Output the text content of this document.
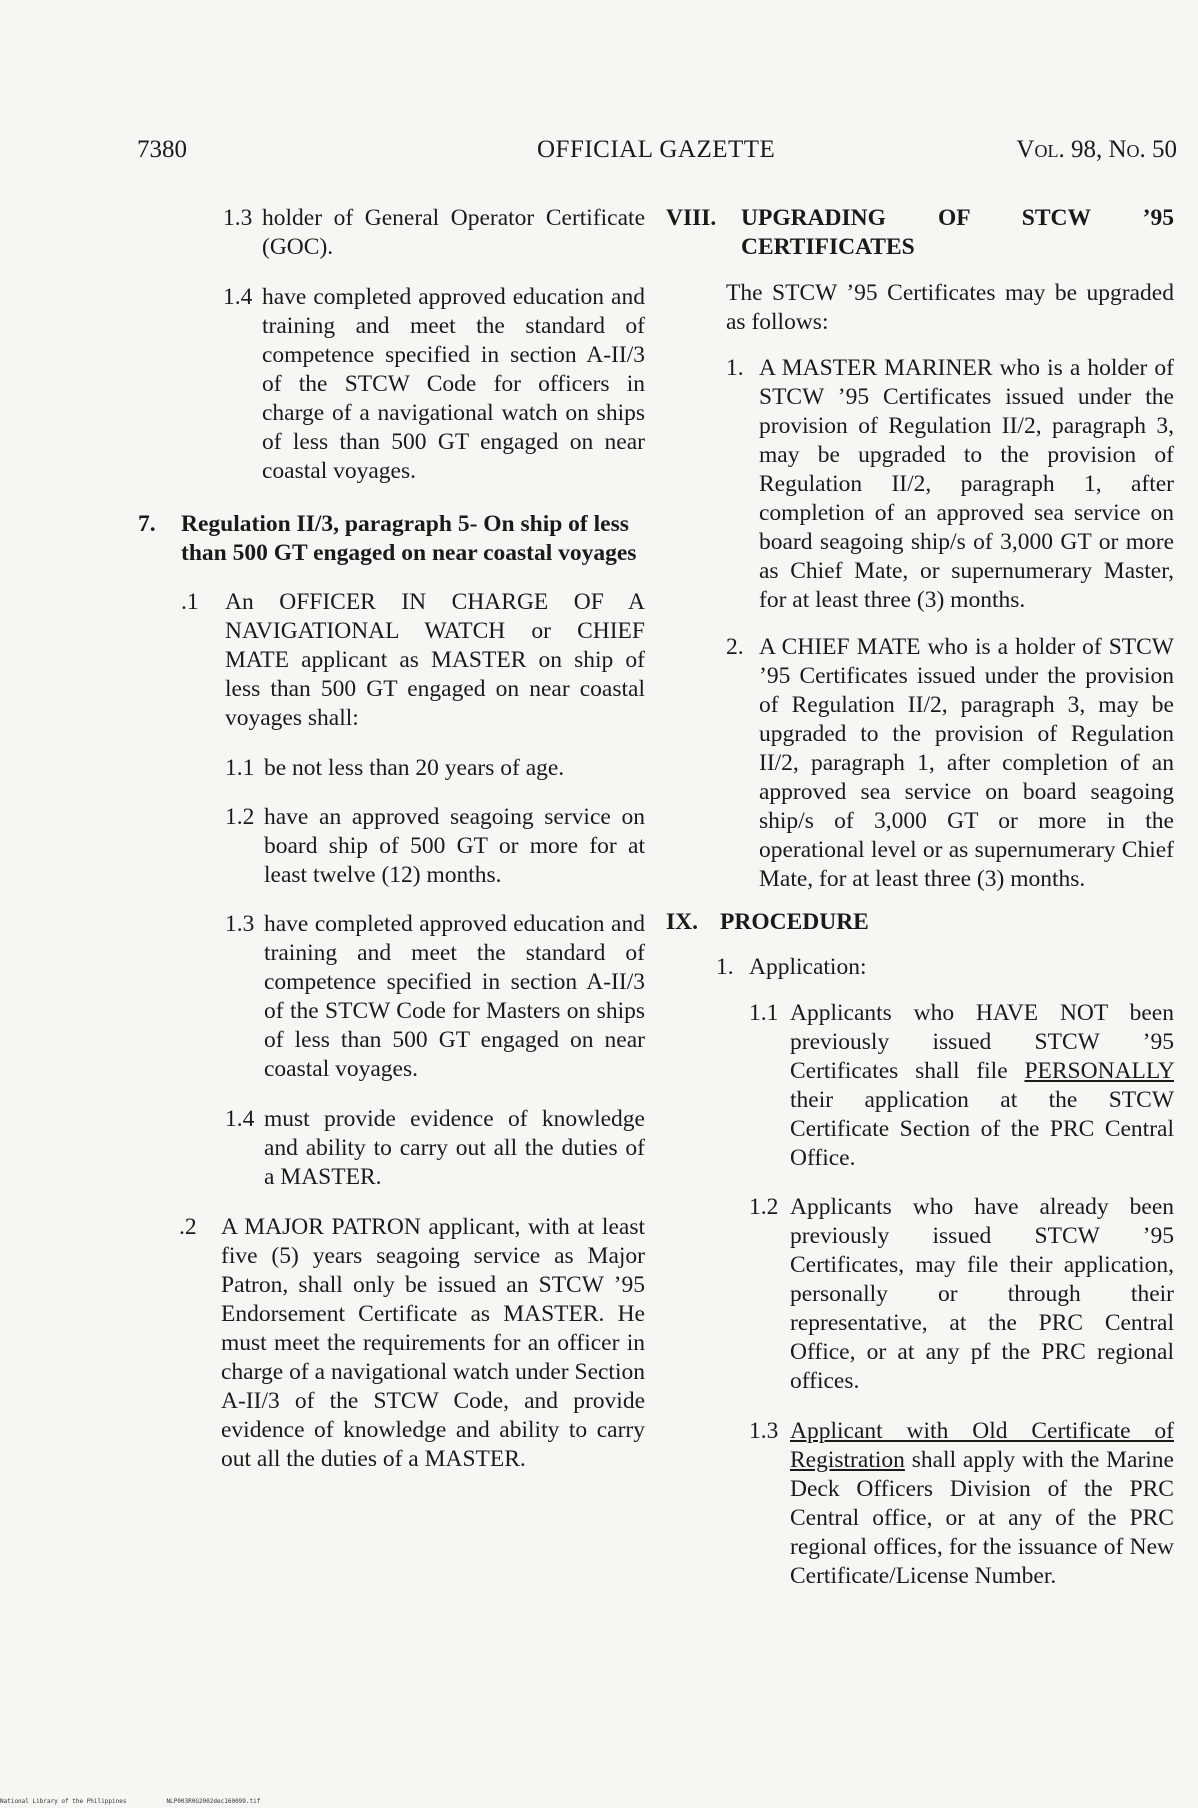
7380	OFFICIAL GAZETTE	Vol. 98, No. 50
1.3 holder of General Operator Certificate (GOC).
1.4 have completed approved education and training and meet the standard of competence specified in section A-II/3 of the STCW Code for officers in charge of a navigational watch on ships of less than 500 GT engaged on near coastal voyages.
7. Regulation II/3, paragraph 5- On ship of less than 500 GT engaged on near coastal voyages
.1 An OFFICER IN CHARGE OF A NAVIGATIONAL WATCH or CHIEF MATE applicant as MASTER on ship of less than 500 GT engaged on near coastal voyages shall:
1.1 be not less than 20 years of age.
1.2 have an approved seagoing service on board ship of 500 GT or more for at least twelve (12) months.
1.3 have completed approved education and training and meet the standard of competence specified in section A-II/3 of the STCW Code for Masters on ships of less than 500 GT engaged on near coastal voyages.
1.4 must provide evidence of knowledge and ability to carry out all the duties of a MASTER.
.2 A MAJOR PATRON applicant, with at least five (5) years seagoing service as Major Patron, shall only be issued an STCW ’95 Endorsement Certificate as MASTER. He must meet the requirements for an officer in charge of a navigational watch under Section A-II/3 of the STCW Code, and provide evidence of knowledge and ability to carry out all the duties of a MASTER.
VIII. UPGRADING OF STCW ’95 CERTIFICATES
The STCW ’95 Certificates may be upgraded as follows:
1. A MASTER MARINER who is a holder of STCW ’95 Certificates issued under the provision of Regulation II/2, paragraph 3, may be upgraded to the provision of Regulation II/2, paragraph 1, after completion of an approved sea service on board seagoing ship/s of 3,000 GT or more as Chief Mate, or supernumerary Master, for at least three (3) months.
2. A CHIEF MATE who is a holder of STCW ’95 Certificates issued under the provision of Regulation II/2, paragraph 3, may be upgraded to the provision of Regulation II/2, paragraph 1, after completion of an approved sea service on board seagoing ship/s of 3,000 GT or more in the operational level or as supernumerary Chief Mate, for at least three (3) months.
IX. PROCEDURE
1. Application:
1.1 Applicants who HAVE NOT been previously issued STCW ’95 Certificates shall file PERSONALLY their application at the STCW Certificate Section of the PRC Central Office.
1.2 Applicants who have already been previously issued STCW ’95 Certificates, may file their application, personally or through their representative, at the PRC Central Office, or at any pf the PRC regional offices.
1.3 Applicant with Old Certificate of Registration shall apply with the Marine Deck Officers Division of the PRC Central office, or at any of the PRC regional offices, for the issuance of New Certificate/License Number.
National Library of the Philippines	NLP003R0G2002dec160099.tif
